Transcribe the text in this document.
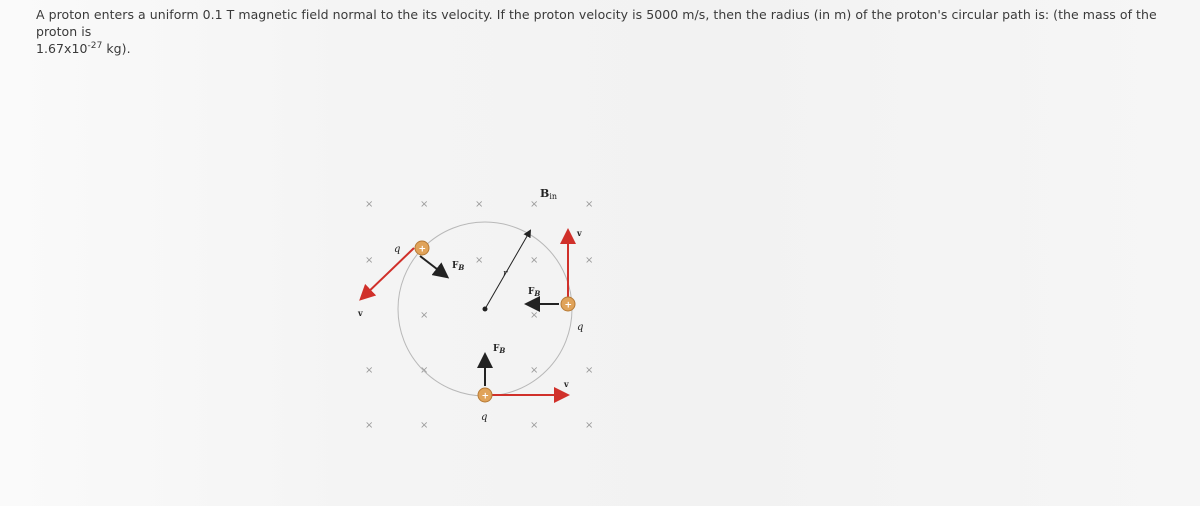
A proton enters a uniform 0.1 T magnetic field normal to the its velocity. If the proton velocity is 5000 m/s, then the radius (in m) of the proton's circular path is: (the mass of the proton is
$1.67x10^{-27}$ kg).
×	×	×	×	×
×	×	×	×
×	×
×	×	×	×
×	×	×	×
Bin
r
v
$F_B$
+
q
v
$F_B$
+
q
v
$F_B$
+
q
